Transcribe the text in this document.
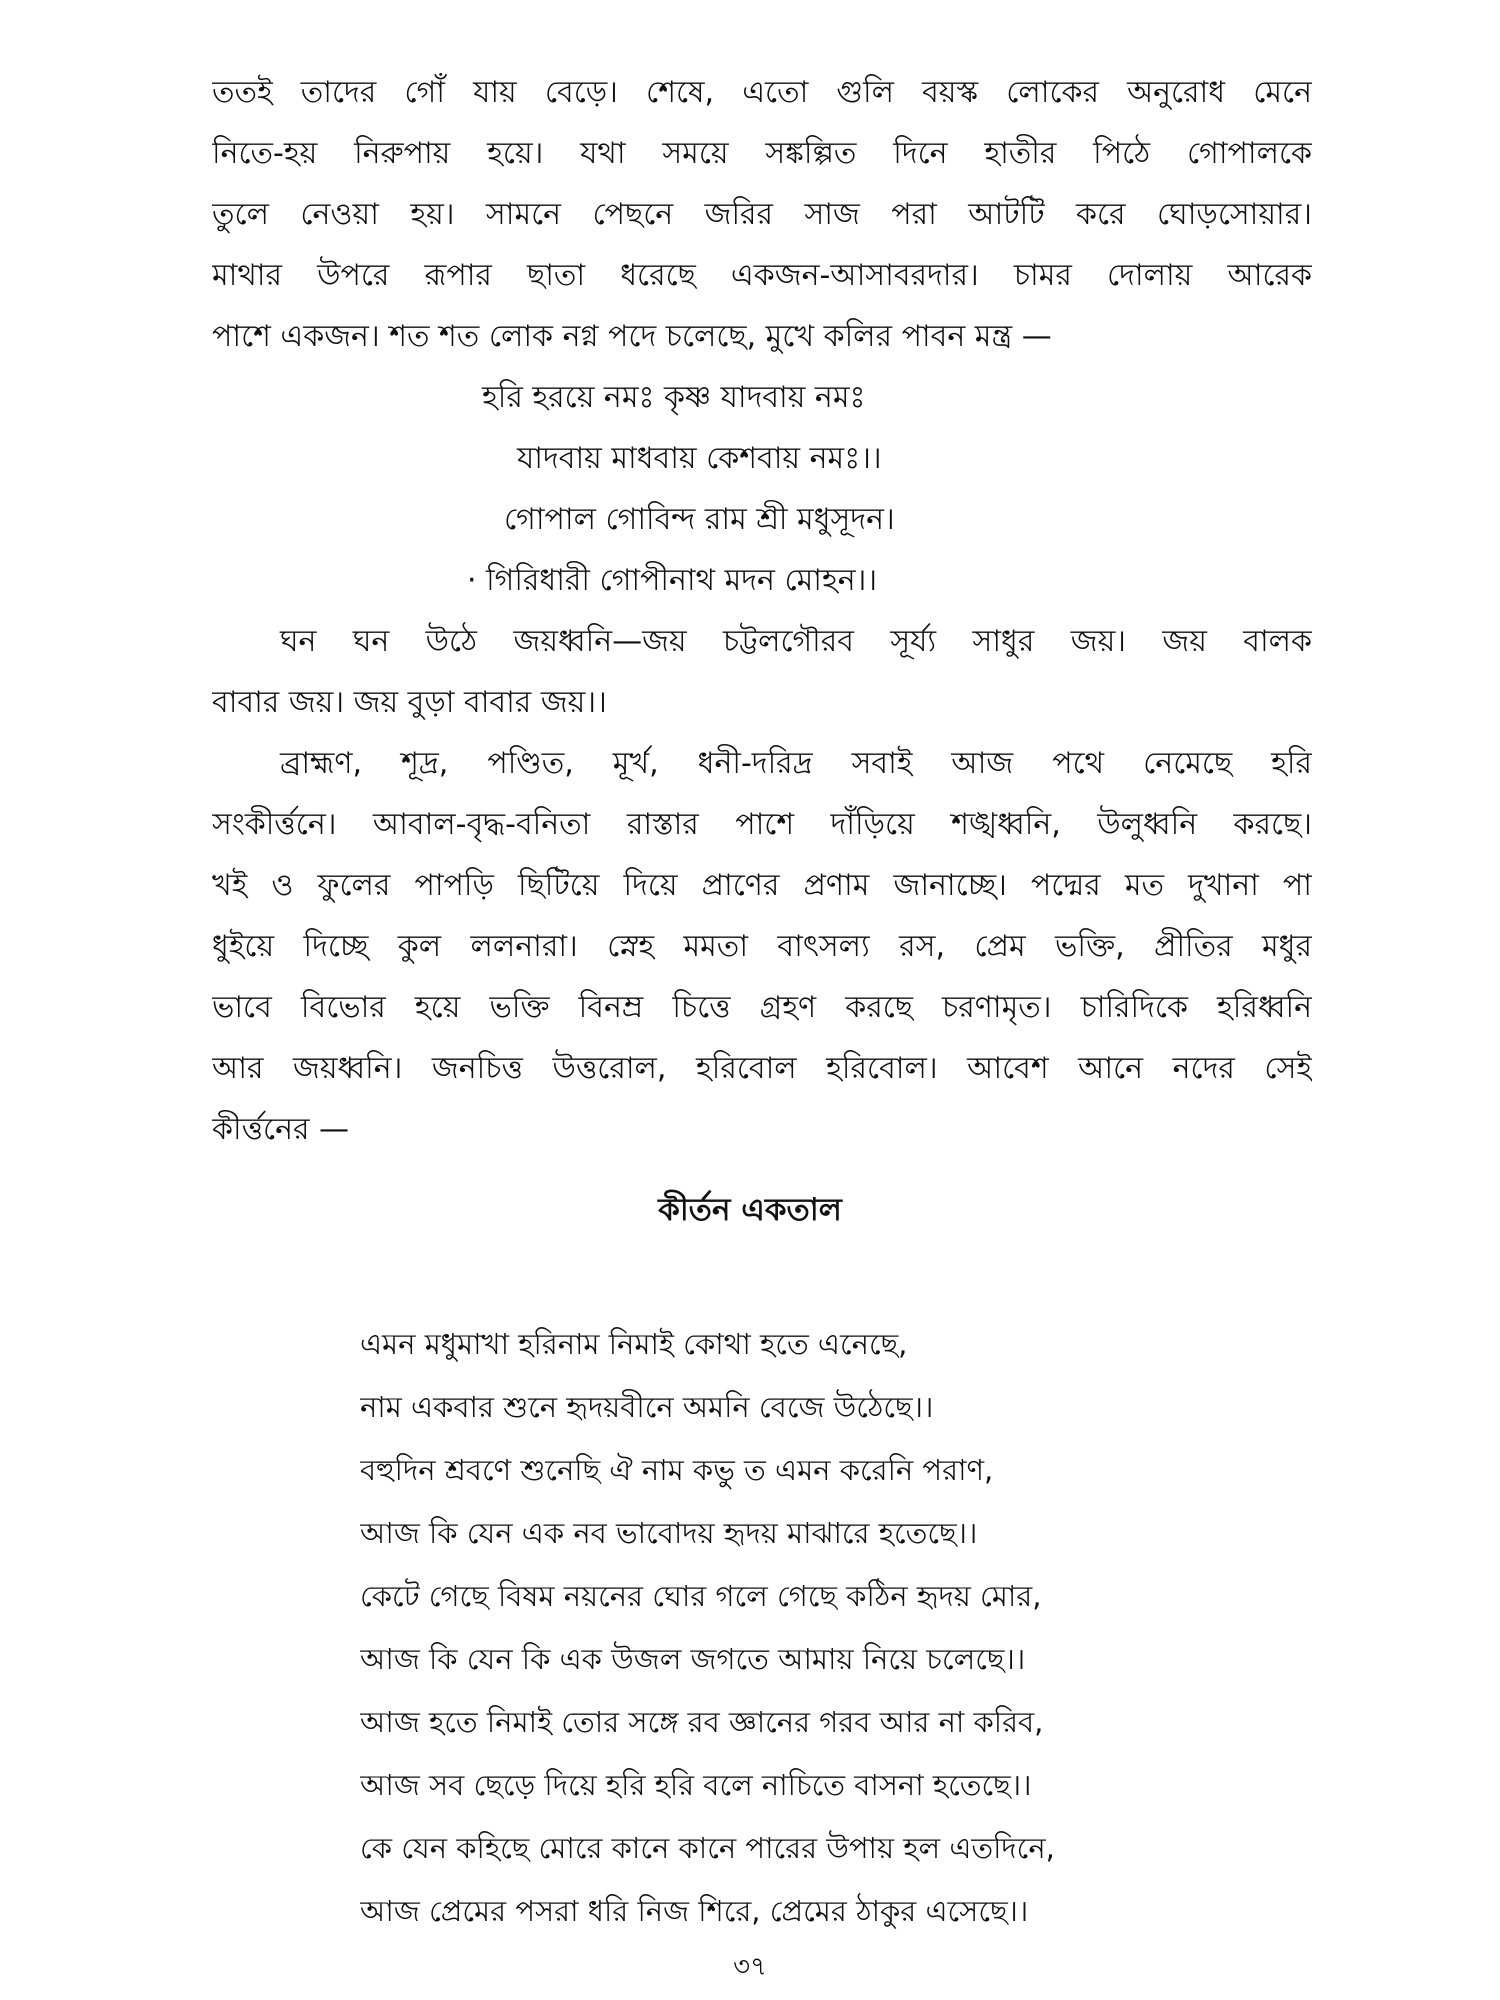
ততই তাদের গোঁ যায় বেড়ে। শেষে, এতো গুলি বয়স্ক লোকের অনুরোধ মেনে
নিতে-হয় নিরুপায় হয়ে। যথা সময়ে সঙ্কল্পিত দিনে হাতীর পিঠে গোপালকে
তুলে নেওয়া হয়। সামনে পেছনে জরির সাজ পরা আটটি করে ঘোড়সোয়ার।
মাথার উপরে রূপার ছাতা ধরেছে একজন-আসাবরদার। চামর দোলায় আরেক
পাশে একজন। শত শত লোক নগ্ন পদে চলেছে, মুখে কলির পাবন মন্ত্র —
হরি হরয়ে নমঃ কৃষ্ণ যাদবায় নমঃ
যাদবায় মাধবায় কেশবায় নমঃ।।
গোপাল গোবিন্দ রাম শ্রী মধুসূদন।
· গিরিধারী গোপীনাথ মদন মোহন।।
ঘন ঘন উঠে জয়ধ্বনি—জয় চট্টলগৌরব সূর্য্য সাধুর জয়। জয় বালক
বাবার জয়। জয় বুড়া বাবার জয়।।
ব্রাহ্মণ, শূদ্র, পণ্ডিত, মূর্খ, ধনী-দরিদ্র সবাই আজ পথে নেমেছে হরি
সংকীর্ত্তনে। আবাল-বৃদ্ধ-বনিতা রাস্তার পাশে দাঁড়িয়ে শঙ্খধ্বনি, উলুধ্বনি করছে।
খই ও ফুলের পাপড়ি ছিটিয়ে দিয়ে প্রাণের প্রণাম জানাচ্ছে। পদ্মের মত দুখানা পা
ধুইয়ে দিচ্ছে কুল ললনারা। স্নেহ মমতা বাৎসল্য রস, প্রেম ভক্তি, প্রীতির মধুর
ভাবে বিভোর হয়ে ভক্তি বিনম্র চিত্তে গ্রহণ করছে চরণামৃত। চারিদিকে হরিধ্বনি
আর জয়ধ্বনি। জনচিত্ত উত্তরোল, হরিবোল হরিবোল। আবেশ আনে নদের সেই
কীর্ত্তনের —
কীর্তন একতাল
এমন মধুমাখা হরিনাম নিমাই কোথা হতে এনেছে,
নাম একবার শুনে হৃদয়বীনে অমনি বেজে উঠেছে।।
বহুদিন শ্রবণে শুনেছি ঐ নাম কভু ত এমন করেনি পরাণ,
আজ কি যেন এক নব ভাবোদয় হৃদয় মাঝারে হতেছে।।
কেটে গেছে বিষম নয়নের ঘোর গলে গেছে কঠিন হৃদয় মোর,
আজ কি যেন কি এক উজল জগতে আমায় নিয়ে চলেছে।।
আজ হতে নিমাই তোর সঙ্গে রব জ্ঞানের গরব আর না করিব,
আজ সব ছেড়ে দিয়ে হরি হরি বলে নাচিতে বাসনা হতেছে।।
কে যেন কহিছে মোরে কানে কানে পারের উপায় হল এতদিনে,
আজ প্রেমের পসরা ধরি নিজ শিরে, প্রেমের ঠাকুর এসেছে।।
৩৭
